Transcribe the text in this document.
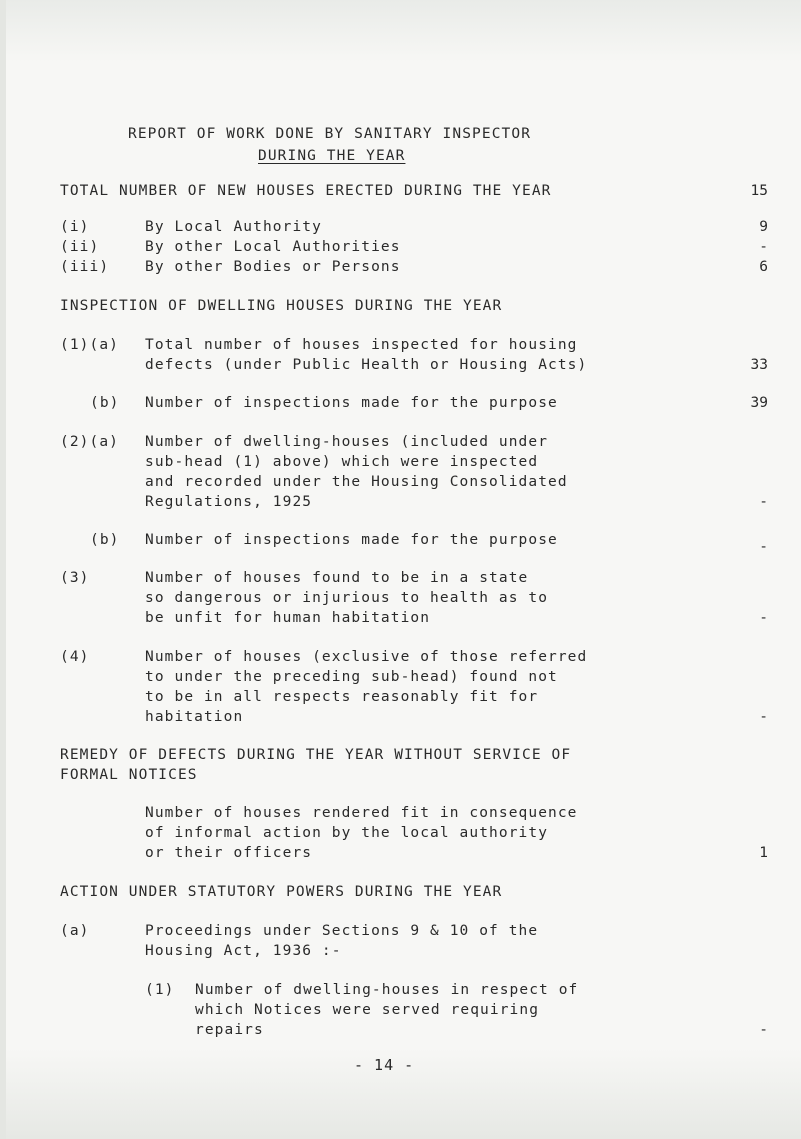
REPORT OF WORK DONE BY SANITARY INSPECTOR
DURING THE YEAR
TOTAL NUMBER OF NEW HOUSES ERECTED DURING THE YEAR	15
(i)	By Local Authority	9
(ii)	By other Local Authorities	-
(iii) By other Bodies or Persons	6
INSPECTION OF DWELLING HOUSES DURING THE YEAR
(1)(a) Total number of houses inspected for housing
defects (under Public Health or Housing Acts)	33
(b) Number of inspections made for the purpose	39
(2)(a) Number of dwelling-houses (included under
sub-head (1) above) which were inspected
and recorded under the Housing Consolidated
Regulations, 1925	-
(b) Number of inspections made for the purpose	-
(3)	Number of houses found to be in a state
so dangerous or injurious to health as to
be unfit for human habitation	-
(4)	Number of houses (exclusive of those referred
to under the preceding sub-head) found not
to be in all respects reasonably fit for
habitation	-
REMEDY OF DEFECTS DURING THE YEAR WITHOUT SERVICE OF
FORMAL NOTICES
Number of houses rendered fit in consequence
of informal action by the local authority
or their officers	1
ACTION UNDER STATUTORY POWERS DURING THE YEAR
(a)	Proceedings under Sections 9 & 10 of the
Housing Act, 1936 :-
(1) Number of dwelling-houses in respect of
which Notices were served requiring
repairs	-
- 14 -
